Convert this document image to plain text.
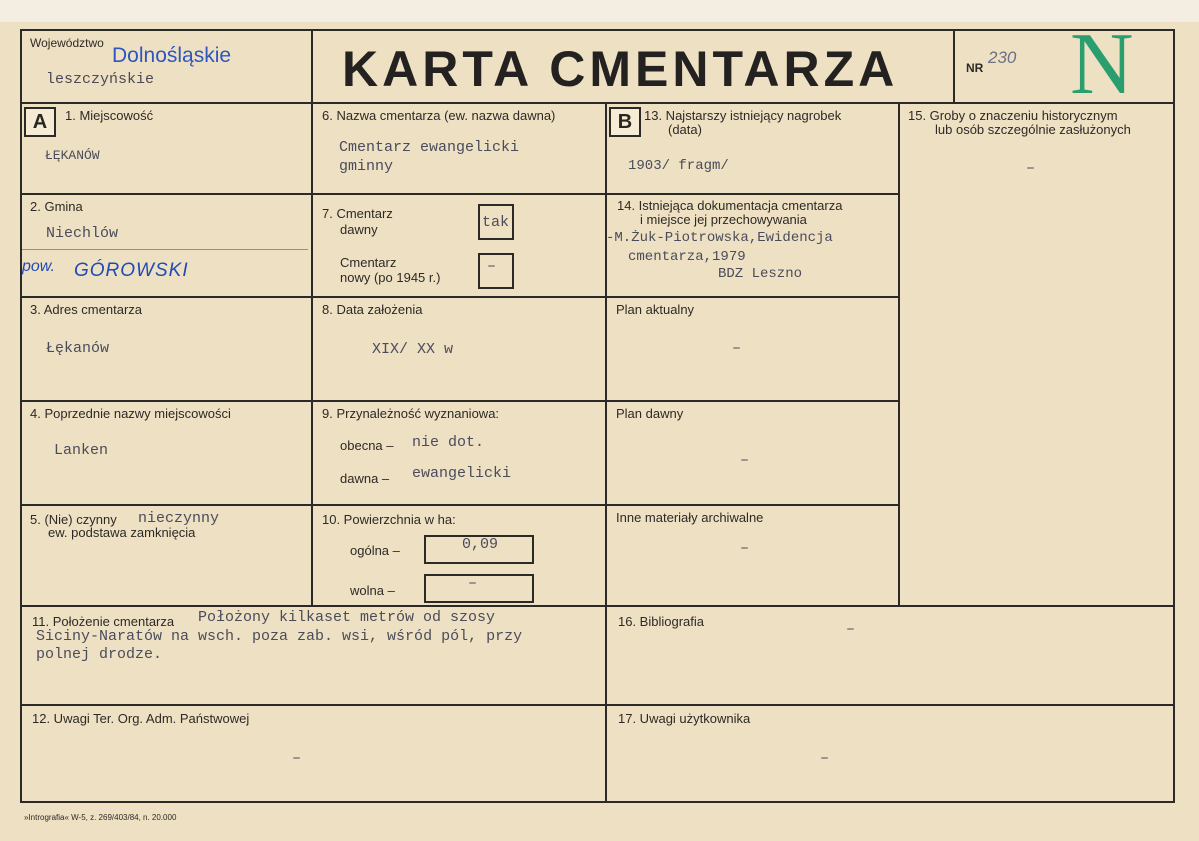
Województwo
Dolnośląskie
leszczyńskie	KARTA CMENTARZA	NR
230 N
A	B
1. Miejscowość
ŁĘKANÓW
2. Gmina
Niechlów
pow. GÓROWSKI
3. Adres cmentarza
Łękanów
4. Poprzednie nazwy miejscowości
Lanken
5. (Nie) czynny
ew. podstawa zamknięcia
nieczynny
6. Nazwa cmentarza (ew. nazwa dawna)
Cmentarz ewangelicki
gminny
7. Cmentarz
dawny	tak
Cmentarz
nowy (po 1945 r.)
–
8. Data założenia
XIX/ XX w
9. Przynależność wyznaniowa:
obecna – nie dot.
dawna – ewangelicki
10. Powierzchnia w ha:
ogólna –	0,09
wolna –	–
13. Najstarszy istniejący nagrobek
(data)
1903/ fragm/
14. Istniejąca dokumentacja cmentarza
i miejsce jej przechowywania
-M.Żuk-Piotrowska,Ewidencja
cmentarza,1979
BDZ Leszno
Plan aktualny
–
Plan dawny
–
Inne materiały archiwalne
–
15. Groby o znaczeniu historycznym
lub osób szczególnie zasłużonych
–
11. Położenie cmentarza Położony kilkaset metrów od szosy
Siciny-Naratów na wsch. poza zab. wsi, wśród pól, przy
polnej drodze.
16. Bibliografia	–
12. Uwagi Ter. Org. Adm. Państwowej
–
17. Uwagi użytkownika
–
»Intrografia« W-5, z. 269/403/84, n. 20.000
